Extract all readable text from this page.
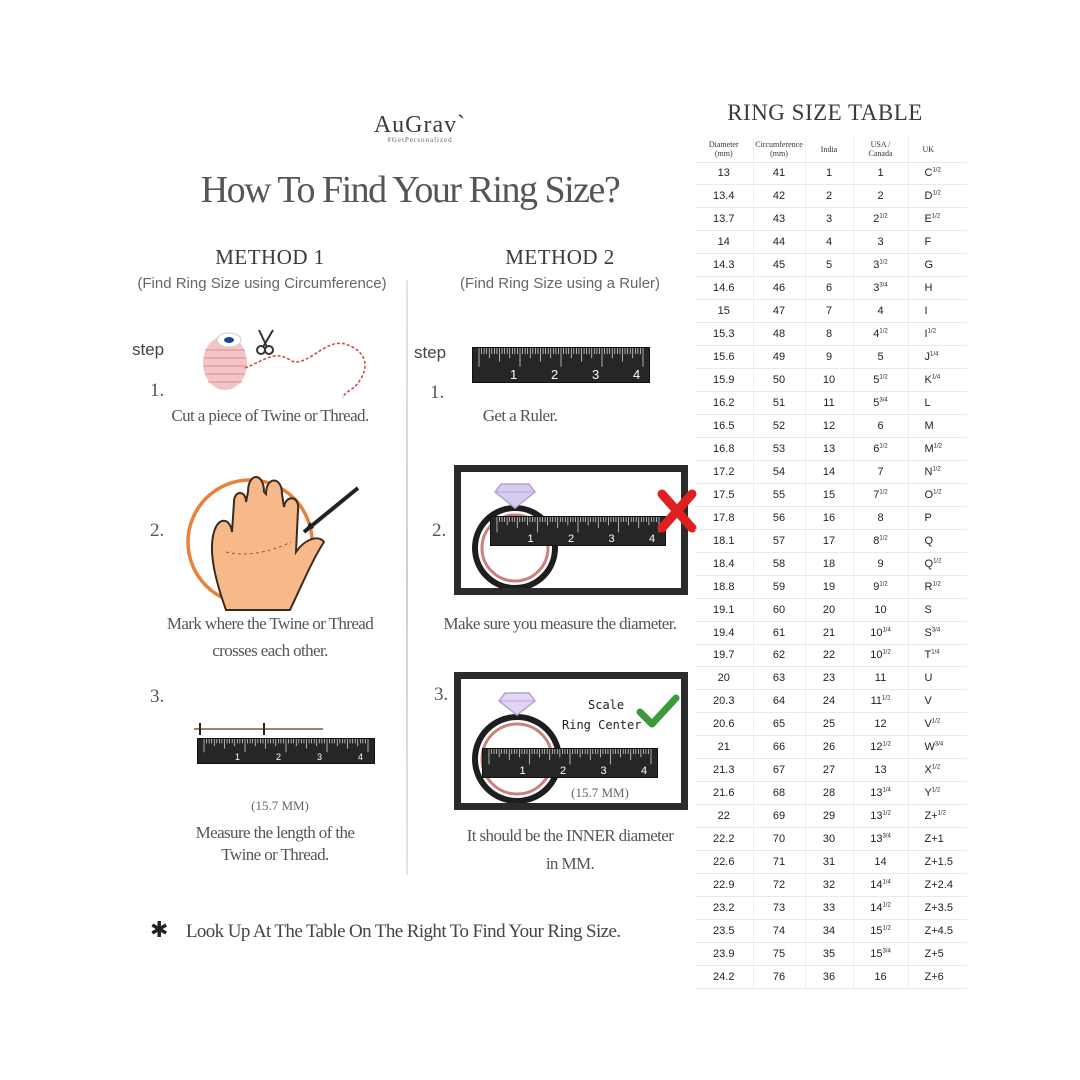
AuGravˋ
#GetPersonalized
How To Find Your Ring Size?
METHOD 1
(Find Ring Size using Circumference)
METHOD 2
(Find Ring Size using a Ruler)
step
1.
Cut a piece of Twine or Thread.
2.
Mark where the Twine or Thread
crosses each other.
3.
1	2	3	4
(15.7 MM)
Measure the length of the
Twine or Thread.
step
1	2	3	4
1.
Get a Ruler.
1	2	3	4
2.
Make sure you measure the diameter.
Scale
Ring Center
1	2	3	4
(15.7 MM)
3.
It should be the INNER diameter
in MM.
✱ Look Up At The Table On The Right To Find Your Ring Size.
RING SIZE TABLE
Diameter
(mm)	Circumference
(mm)	India	USA /
Canada	UK
13	41	1	1	$C^{1/2}$
13.4	42	2	2	$D^{1/2}$
13.7	43	3	$2^{1/2}$	$E^{1/2}$
14	44	4	3	F
14.3	45	5	$3^{1/2}$	G
14.6	46	6	$3^{3/4}$	H
15	47	7	4	I
15.3	48	8	$4^{1/2}$	$I^{1/2}$
15.6	49	9	5	$J^{1/4}$
15.9	50	10	$5^{1/2}$	$K^{1/4}$
16.2	51	11	$5^{3/4}$	L
16.5	52	12	6	M
16.8	53	13	$6^{1/2}$	$M^{1/2}$
17.2	54	14	7	$N^{1/2}$
17.5	55	15	$7^{1/2}$	$O^{1/2}$
17.8	56	16	8	P
18.1	57	17	$8^{1/2}$	Q
18.4	58	18	9	$Q^{1/2}$
18.8	59	19	$9^{1/2}$	$R^{1/2}$
19.1	60	20	10	S
19.4	61	21	$10^{1/4}$	$S^{3/4}$
19.7	62	22	$10^{1/2}$	$T^{1/4}$
20	63	23	11	U
20.3	64	24	$11^{1/2}$	V
20.6	65	25	12	$V^{1/2}$
21	66	26	$12^{1/2}$	$W^{3/4}$
21.3	67	27	13	$X^{1/2}$
21.6	68	28	$13^{1/4}$	$Y^{1/2}$
22	69	29	$13^{1/2}$	Z+$^{1/2}$
22.2	70	30	$13^{3/4}$	Z+1
22.6	71	31	14	Z+1.5
22.9	72	32	$14^{1/4}$	Z+2.4
23.2	73	33	$14^{1/2}$	Z+3.5
23.5	74	34	$15^{1/2}$	Z+4.5
23.9	75	35	$15^{3/4}$	Z+5
24.2	76	36	16	Z+6
